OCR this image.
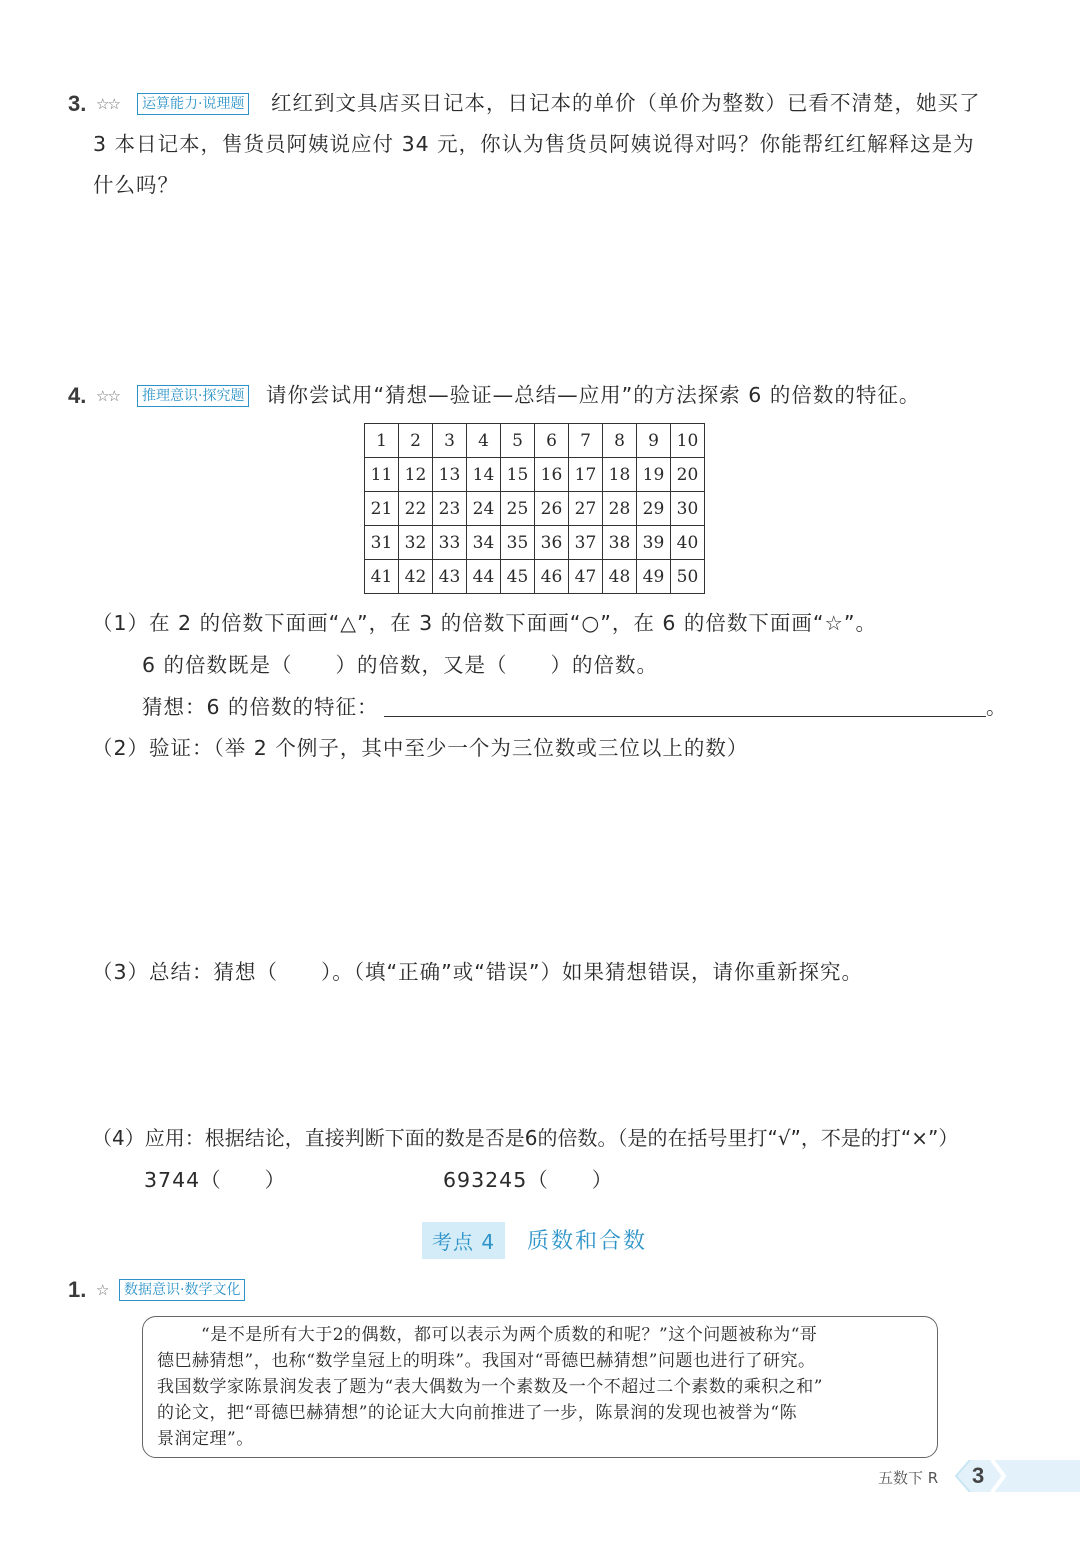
3. ☆☆	运算能力·说理题 红红到文具店买日记本，日记本的单价（单价为整数）已看不清楚，她买了
3 本日记本，售货员阿姨说应付 34 元，你认为售货员阿姨说得对吗？你能帮红红解释这是为
什么吗？
4. ☆☆	推理意识·探究题 请你尝试用“猜想—验证—总结—应用”的方法探索 6 的倍数的特征。
1	2	3	4	5	6	7	8	9	10
11	12	13	14	15	16	17	18	19	20
21	22	23	24	25	26	27	28	29	30
31	32	33	34	35	36	37	38	39	40
41	42	43	44	45	46	47	48	49	50
（1）在 2 的倍数下面画“△”，在 3 的倍数下面画“○”，在 6 的倍数下面画“☆”。
6 的倍数既是（　　）的倍数，又是（　　）的倍数。
猜想：6 的倍数的特征：	。
（2）验证：（举 2 个例子，其中至少一个为三位数或三位以上的数）
（3）总结：猜想（　　）。（填“正确”或“错误”）如果猜想错误，请你重新探究。
（4）应用：根据结论，直接判断下面的数是否是6的倍数。（是的在括号里打“√”，不是的打“×”）
3744（　　）	693245（　　）
考点 4	质数和合数
1. ☆	数据意识·数学文化
“是不是所有大于2的偶数，都可以表示为两个质数的和呢？”这个问题被称为“哥
德巴赫猜想”，也称“数学皇冠上的明珠”。我国对“哥德巴赫猜想”问题也进行了研究。
我国数学家陈景润发表了题为“表大偶数为一个素数及一个不超过二个素数的乘积之和”
的论文，把“哥德巴赫猜想”的论证大大向前推进了一步，陈景润的发现也被誉为“陈
景润定理”。
五数下 R 3
